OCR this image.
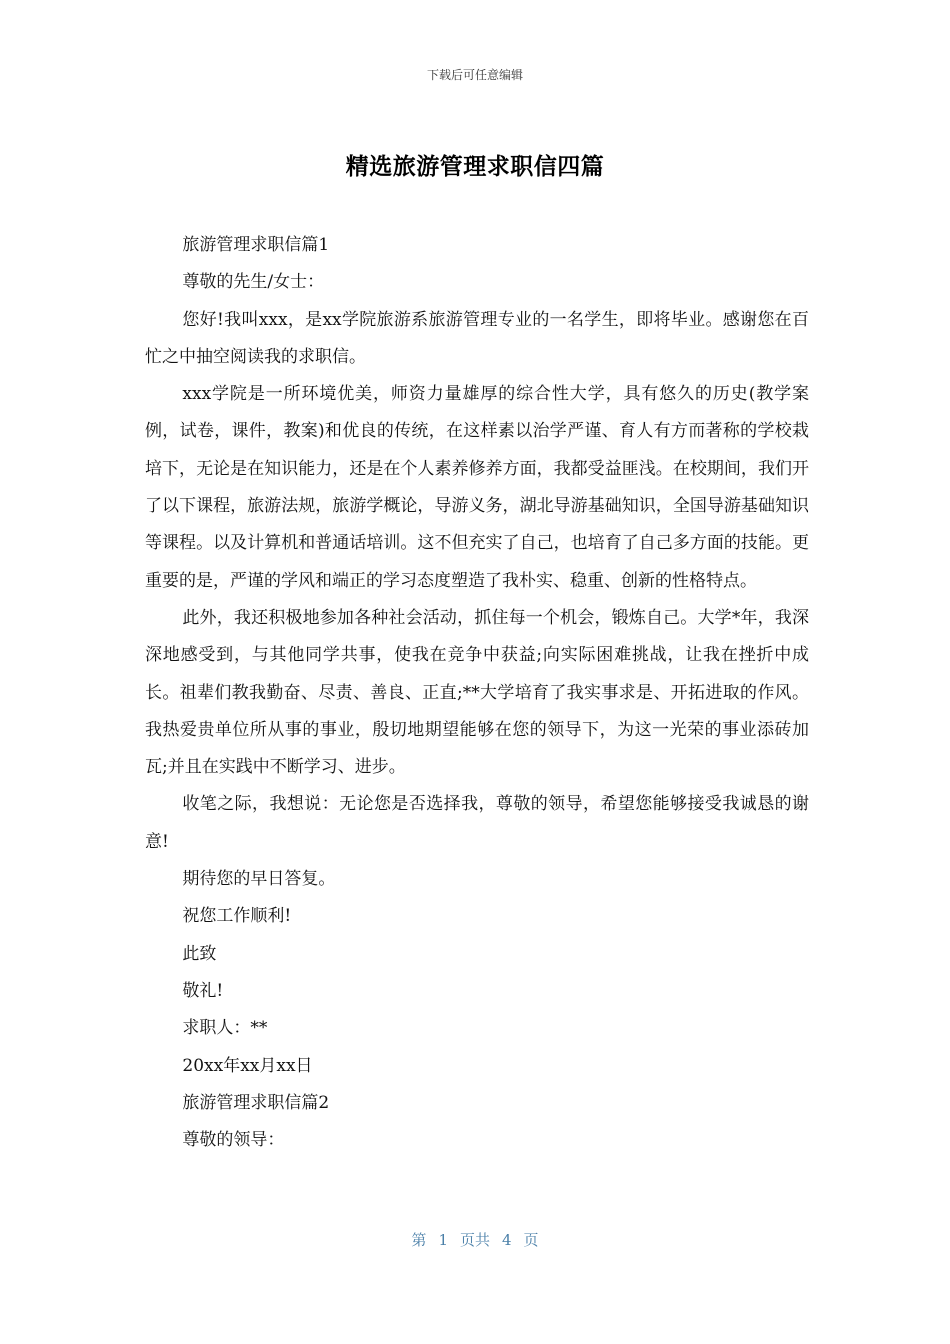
下载后可任意编辑
精选旅游管理求职信四篇

旅游管理求职信篇1

尊敬的先生/女士：

您好!我叫xxx，是xx学院旅游系旅游管理专业的一名学生，即将毕业。感谢您在百忙之中抽空阅读我的求职信。

xxx学院是一所环境优美，师资力量雄厚的综合性大学，具有悠久的历史(教学案例，试卷，课件，教案)和优良的传统，在这样素以治学严谨、育人有方而著称的学校栽培下，无论是在知识能力，还是在个人素养修养方面，我都受益匪浅。在校期间，我们开了以下课程，旅游法规，旅游学概论，导游义务，湖北导游基础知识，全国导游基础知识等课程。以及计算机和普通话培训。这不但充实了自己，也培育了自己多方面的技能。更重要的是，严谨的学风和端正的学习态度塑造了我朴实、稳重、创新的性格特点。

此外，我还积极地参加各种社会活动，抓住每一个机会，锻炼自己。大学*年，我深深地感受到，与其他同学共事，使我在竞争中获益;向实际困难挑战，让我在挫折中成长。祖辈们教我勤奋、尽责、善良、正直;**大学培育了我实事求是、开拓进取的作风。我热爱贵单位所从事的事业，殷切地期望能够在您的领导下，为这一光荣的事业添砖加瓦;并且在实践中不断学习、进步。

收笔之际，我想说：无论您是否选择我，尊敬的领导，希望您能够接受我诚恳的谢意!

期待您的早日答复。

祝您工作顺利!

此致

敬礼!

求职人：**

20xx年xx月xx日

旅游管理求职信篇2

尊敬的领导：

第 1 页共 4 页
